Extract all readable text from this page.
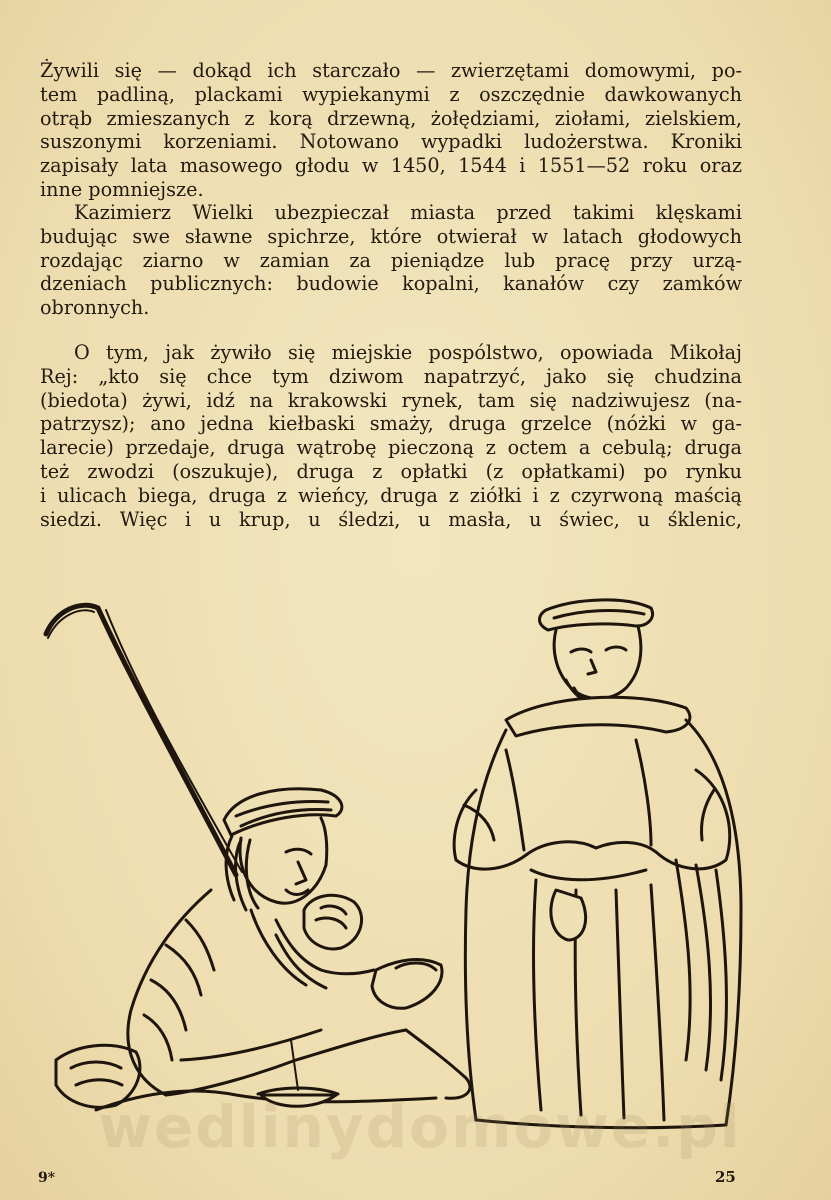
Żywili się — dokąd ich starczało — zwierzętami domowymi, po-
tem padliną, plackami wypiekanymi z oszczędnie dawkowanych
otrąb zmieszanych z korą drzewną, żołędziami, ziołami, zielskiem,
suszonymi korzeniami. Notowano wypadki ludożerstwa. Kroniki
zapisały lata masowego głodu w 1450, 1544 i 1551—52 roku oraz
inne pomniejsze.
Kazimierz Wielki ubezpieczał miasta przed takimi klęskami
budując swe sławne spichrze, które otwierał w latach głodowych
rozdając ziarno w zamian za pieniądze lub pracę przy urzą-
dzeniach publicznych: budowie kopalni, kanałów czy zamków
obronnych.
O tym, jak żywiło się miejskie pospólstwo, opowiada Mikołaj
Rej: „kto się chce tym dziwom napatrzyć, jako się chudzina
(biedota) żywi, idź na krakowski rynek, tam się nadziwujesz (na-
patrzysz); ano jedna kiełbaski smaży, druga grzelce (nóżki w ga-
larecie) przedaje, druga wątrobę pieczoną z octem a cebulą; druga
też zwodzi (oszukuje), druga z opłatki (z opłatkami) po rynku
i ulicach biega, druga z wieńcy, druga z ziółki i z czyrwoną maścią
siedzi. Więc i u krup, u śledzi, u masła, u świec, u śklenic,
wedlinydomowe.pl
9*	25
